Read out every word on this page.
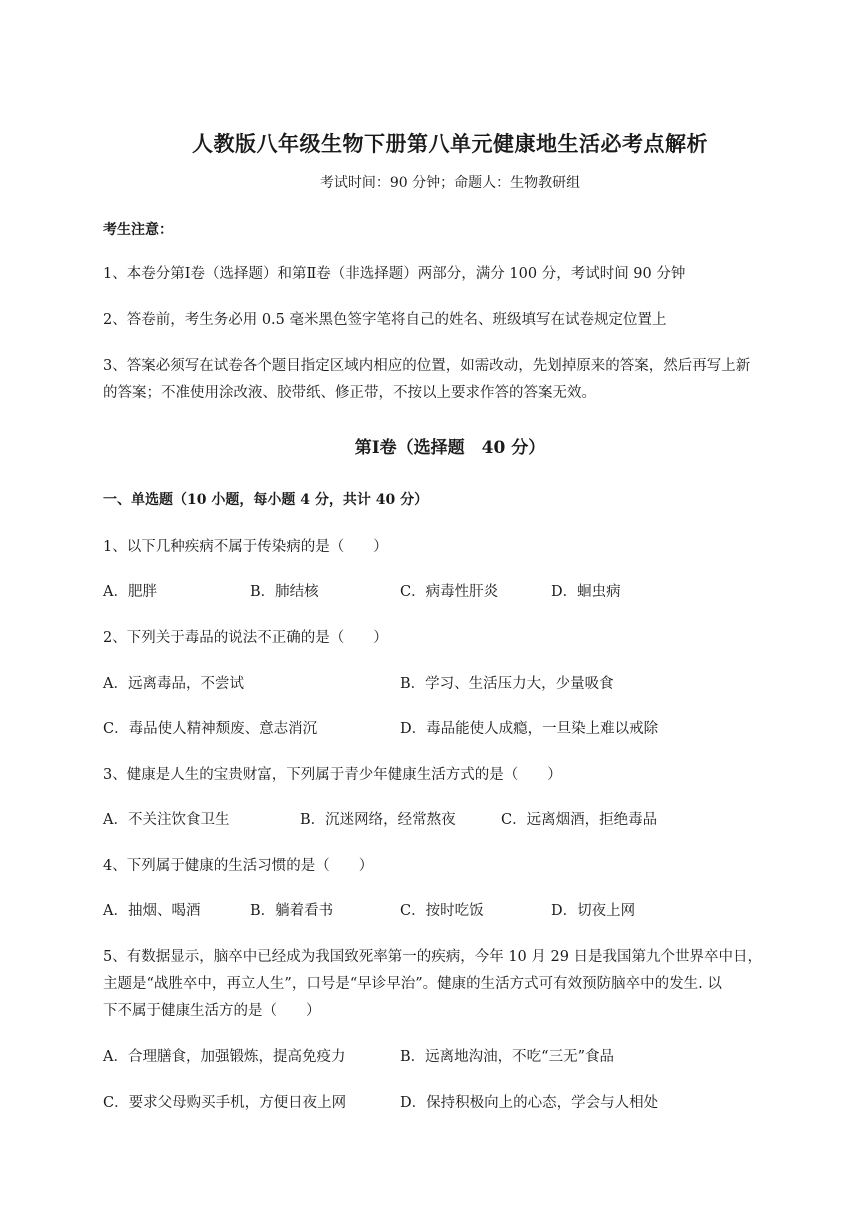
人教版八年级生物下册第八单元健康地生活必考点解析
考试时间：90 分钟；命题人：生物教研组
考生注意：
1、本卷分第Ⅰ卷（选择题）和第Ⅱ卷（非选择题）两部分，满分 100 分，考试时间 90 分钟
2、答卷前，考生务必用 0.5 毫米黑色签字笔将自己的姓名、班级填写在试卷规定位置上
3、答案必须写在试卷各个题目指定区域内相应的位置，如需改动，先划掉原来的答案，然后再写上新
的答案；不准使用涂改液、胶带纸、修正带，不按以上要求作答的答案无效。
第Ⅰ卷（选择题　40 分）
一、单选题（10 小题，每小题 4 分，共计 40 分）
1、以下几种疾病不属于传染病的是（　　）
A．肥胖	B．肺结核	C．病毒性肝炎	D．蛔虫病
2、下列关于毒品的说法不正确的是（　　）
A．远离毒品，不尝试	B．学习、生活压力大，少量吸食
C．毒品使人精神颓废、意志消沉	D．毒品能使人成瘾，一旦染上难以戒除
3、健康是人生的宝贵财富，下列属于青少年健康生活方式的是（　　）
A．不关注饮食卫生	B．沉迷网络，经常熬夜	C．远离烟酒，拒绝毒品
4、下列属于健康的生活习惯的是（　　）
A．抽烟、喝酒	B．躺着看书	C．按时吃饭	D．切夜上网
5、有数据显示，脑卒中已经成为我国致死率第一的疾病，今年 10 月 29 日是我国第九个世界卒中日，
主题是“战胜卒中，再立人生”，口号是“早诊早治”。健康的生活方式可有效预防脑卒中的发生. 以
下不属于健康生活方的是（　　）
A．合理膳食，加强锻炼，提高免疫力	B．远离地沟油，不吃“三无”食品
C．要求父母购买手机，方便日夜上网	D．保持积极向上的心态，学会与人相处
